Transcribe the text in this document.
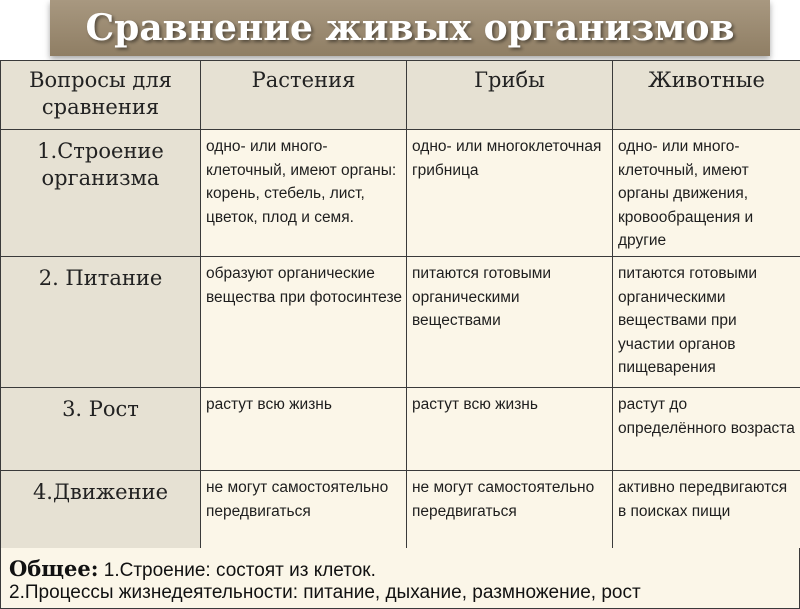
Сравнение живых организмов
Вопросы для сравнения	Растения	Грибы	Животные

1.Строение организма	одно- или много-клеточный, имеют органы: корень, стебель, лист, цветок, плод и семя.	одно- или многоклеточная грибница	одно- или много-клеточный, имеют органы движения, кровообращения и другие

2. Питание	образуют органические вещества при фотосинтезе	питаются готовыми органическими веществами	питаются готовыми органическими веществами при участии органов пищеварения

3. Рост	растут всю жизнь	растут всю жизнь	растут до определённого возраста

4.Движение	не могут самостоятельно передвигаться	не могут самостоятельно передвигаться	активно передвигаются в поисках пищи
Общее: 1.Строение: состоят из клеток.
2.Процессы жизнедеятельности: питание, дыхание, размножение, рост
